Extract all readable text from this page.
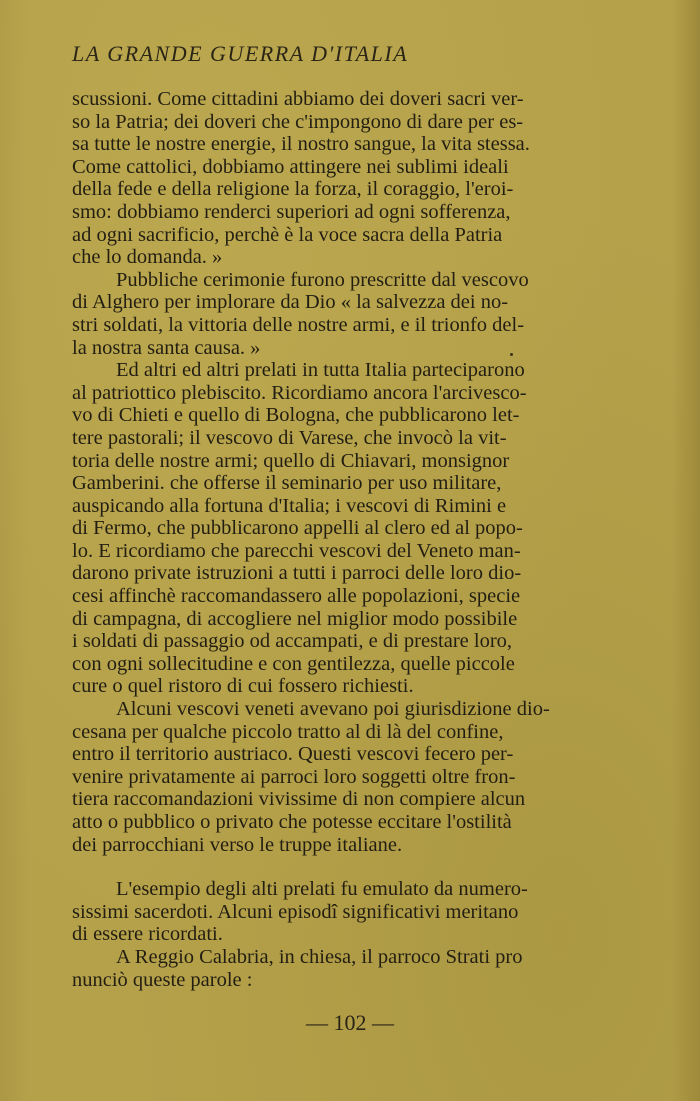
LA GRANDE GUERRA D'ITALIA

scussioni. Come cittadini abbiamo dei doveri sacri ver-
so la Patria; dei doveri che c'impongono di dare per es-
sa tutte le nostre energie, il nostro sangue, la vita stessa.
Come cattolici, dobbiamo attingere nei sublimi ideali
della fede e della religione la forza, il coraggio, l'eroi-
smo: dobbiamo renderci superiori ad ogni sofferenza,
ad ogni sacrificio, perchè è la voce sacra della Patria
che lo domanda. »

Pubbliche cerimonie furono prescritte dal vescovo
di Alghero per implorare da Dio « la salvezza dei no-
stri soldati, la vittoria delle nostre armi, e il trionfo del-
la nostra santa causa. »

Ed altri ed altri prelati in tutta Italia parteciparono
al patriottico plebiscito. Ricordiamo ancora l'arcivesco-
vo di Chieti e quello di Bologna, che pubblicarono let-
tere pastorali; il vescovo di Varese, che invocò la vit-
toria delle nostre armi; quello di Chiavari, monsignor
Gamberini. che offerse il seminario per uso militare,
auspicando alla fortuna d'Italia; i vescovi di Rimini e
di Fermo, che pubblicarono appelli al clero ed al popo-
lo. E ricordiamo che parecchi vescovi del Veneto man-
darono private istruzioni a tutti i parroci delle loro dio-
cesi affinchè raccomandassero alle popolazioni, specie
di campagna, di accogliere nel miglior modo possibile
i soldati di passaggio od accampati, e di prestare loro,
con ogni sollecitudine e con gentilezza, quelle piccole
cure o quel ristoro di cui fossero richiesti.

Alcuni vescovi veneti avevano poi giurisdizione dio-
cesana per qualche piccolo tratto al di là del confine,
entro il territorio austriaco. Questi vescovi fecero per-
venire privatamente ai parroci loro soggetti oltre fron-
tiera raccomandazioni vivissime di non compiere alcun
atto o pubblico o privato che potesse eccitare l'ostilità
dei parrocchiani verso le truppe italiane.

L'esempio degli alti prelati fu emulato da numero-
sissimi sacerdoti. Alcuni episodî significativi meritano
di essere ricordati.

A Reggio Calabria, in chiesa, il parroco Strati pro
nunciò queste parole :

— 102 —
